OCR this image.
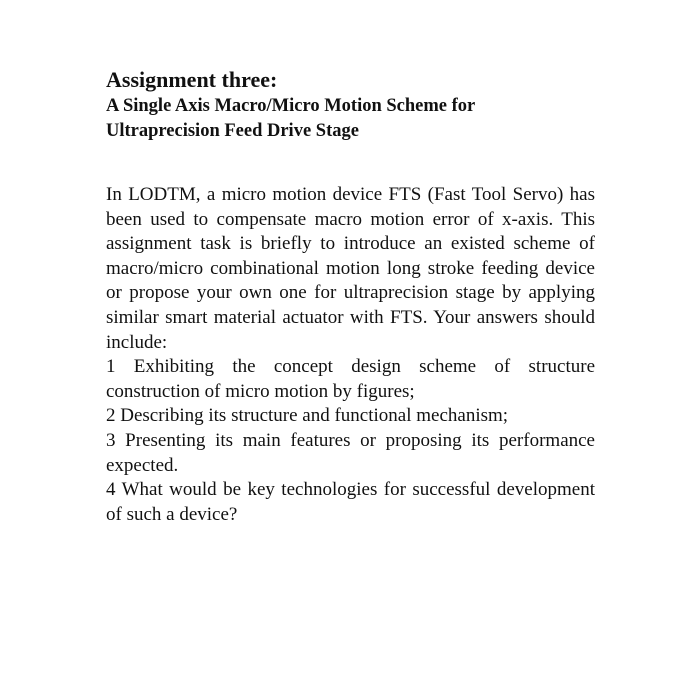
Assignment three:
A Single Axis Macro/Micro Motion Scheme for
Ultraprecision Feed Drive Stage

In LODTM, a micro motion device FTS (Fast Tool Servo) has been used to compensate macro motion error of x-axis. This assignment task is briefly to introduce an existed scheme of macro/micro combinational motion long stroke feeding device or propose your own one for ultraprecision stage by applying similar smart material actuator with FTS. Your answers should include:

1 Exhibiting the concept design scheme of structure construction of micro motion by figures;

2 Describing its structure and functional mechanism;

3 Presenting its main features or proposing its performance expected.

4 What would be key technologies for successful development of such a device?
